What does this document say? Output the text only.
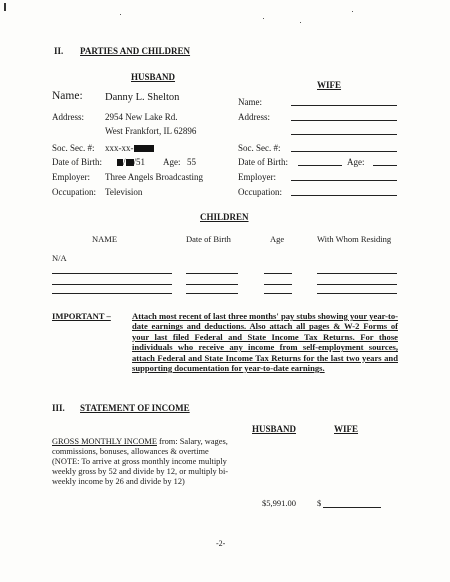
II. PARTIES AND CHILDREN
HUSBAND
WIFE
Name: Danny L. Shelton
Address: 2954 New Lake Rd.
West Frankfort, IL 62896
Soc. Sec. #: xxx-xx-
Date of Birth:	/ /51 Age: 55
Employer: Three Angels Broadcasting
Occupation: Television
Name:
Address:
Soc. Sec. #:
Date of Birth:	Age:
Employer:
Occupation:
CHILDREN
NAME	Date of Birth	Age	With Whom Residing
N/A
IMPORTANT – Attach most recent of last three months' pay stubs showing your year-to-date earnings and deductions. Also attach all pages & W-2 Forms of your last filed Federal and State Income Tax Returns. For those individuals who receive any income from self-employment sources, attach Federal and State Income Tax Returns for the last two years and supporting documentation for year-to-date earnings.
III. STATEMENT OF INCOME
HUSBAND	WIFE
GROSS MONTHLY INCOME from: Salary, wages, commissions, bonuses, allowances & overtime (NOTE: To arrive at gross monthly income multiply weekly gross by 52 and divide by 12, or multiply bi-weekly income by 26 and divide by 12)
$5,991.00 $
-2-
